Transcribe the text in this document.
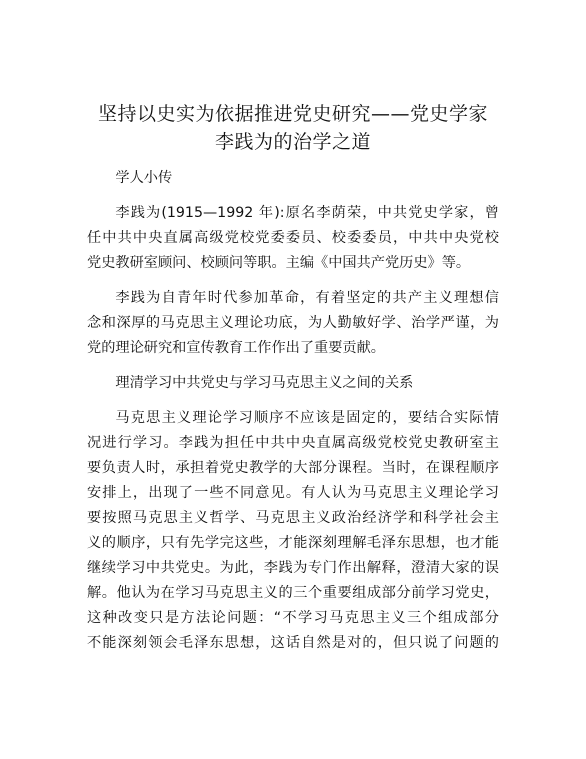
坚持以史实为依据推进党史研究——党史学家
李践为的治学之道
学人小传

李践为(1915—1992 年):原名李荫荣，中共党史学家，曾
任中共中央直属高级党校党委委员、校委委员，中共中央党校
党史教研室顾问、校顾问等职。主编《中国共产党历史》等。

李践为自青年时代参加革命，有着坚定的共产主义理想信
念和深厚的马克思主义理论功底，为人勤敏好学、治学严谨，为
党的理论研究和宣传教育工作作出了重要贡献。

理清学习中共党史与学习马克思主义之间的关系

马克思主义理论学习顺序不应该是固定的，要结合实际情
况进行学习。李践为担任中共中央直属高级党校党史教研室主
要负责人时，承担着党史教学的大部分课程。当时，在课程顺序
安排上，出现了一些不同意见。有人认为马克思主义理论学习
要按照马克思主义哲学、马克思主义政治经济学和科学社会主
义的顺序，只有先学完这些，才能深刻理解毛泽东思想，也才能
继续学习中共党史。为此，李践为专门作出解释，澄清大家的误
解。他认为在学习马克思主义的三个重要组成部分前学习党史，
这种改变只是方法论问题：“不学习马克思主义三个组成部分
不能深刻领会毛泽东思想，这话自然是对的，但只说了问题的
